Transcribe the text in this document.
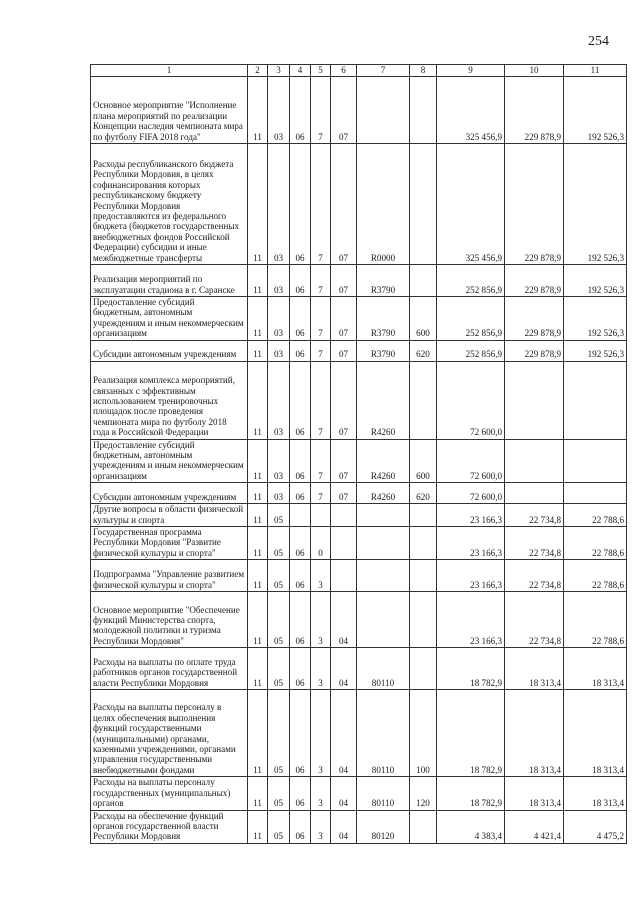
254
1	2	3	4	5	6	7	8	9	10	11
Основное мероприятие "Исполнение плана мероприятий по реализации Концепции наследия чемпионата мира по футболу FIFA 2018 года"	11	03	06	7	07			325 456,9	229 878,9	192 526,3
Расходы республиканского бюджета Республики Мордовия, в целях софинансирования которых республиканскому бюджету Республики Мордовия предоставляются из федерального бюджета (бюджетов государственных внебюджетных фондов Российской Федерации) субсидии и иные межбюджетные трансферты	11	03	06	7	07	R0000		325 456,9	229 878,9	192 526,3
Реализация мероприятий по эксплуатации стадиона в г. Саранске	11	03	06	7	07	R3790		252 856,9	229 878,9	192 526,3
Предоставление субсидий бюджетным, автономным учреждениям и иным некоммерческим организациям	11	03	06	7	07	R3790	600	252 856,9	229 878,9	192 526,3
Субсидии автономным учреждениям	11	03	06	7	07	R3790	620	252 856,9	229 878,9	192 526,3
Реализация комплекса мероприятий, связанных с эффективным использованием тренировочных площадок после проведения чемпионата мира по футболу 2018 года в Российской Федерации	11	03	06	7	07	R4260		72 600,0		
Предоставление субсидий бюджетным, автономным учреждениям и иным некоммерческим организациям	11	03	06	7	07	R4260	600	72 600,0		
Субсидии автономным учреждениям	11	03	06	7	07	R4260	620	72 600,0		
Другие вопросы в области физической культуры и спорта	11	05						23 166,3	22 734,8	22 788,6
Государственная программа Республики Мордовия "Развитие физической культуры и спорта"	11	05	06	0				23 166,3	22 734,8	22 788,6
Подпрограмма "Управление развитием физической культуры и спорта"	11	05	06	3				23 166,3	22 734,8	22 788,6
Основное мероприятие "Обеспечение функций Министерства спорта, молодежной политики и туризма Республики Мордовия"	11	05	06	3	04			23 166,3	22 734,8	22 788,6
Расходы на выплаты по оплате труда работников органов государственной власти Республики Мордовия	11	05	06	3	04	80110		18 782,9	18 313,4	18 313,4
Расходы на выплаты персоналу в целях обеспечения выполнения функций государственными (муниципальными) органами, казенными учреждениями, органами управления государственными внебюджетными фондами	11	05	06	3	04	80110	100	18 782,9	18 313,4	18 313,4
Расходы на выплаты персоналу государственных (муниципальных) органов	11	05	06	3	04	80110	120	18 782,9	18 313,4	18 313,4
Расходы на обеспечение функций органов государственной власти Республики Мордовия	11	05	06	3	04	80120		4 383,4	4 421,4	4 475,2
